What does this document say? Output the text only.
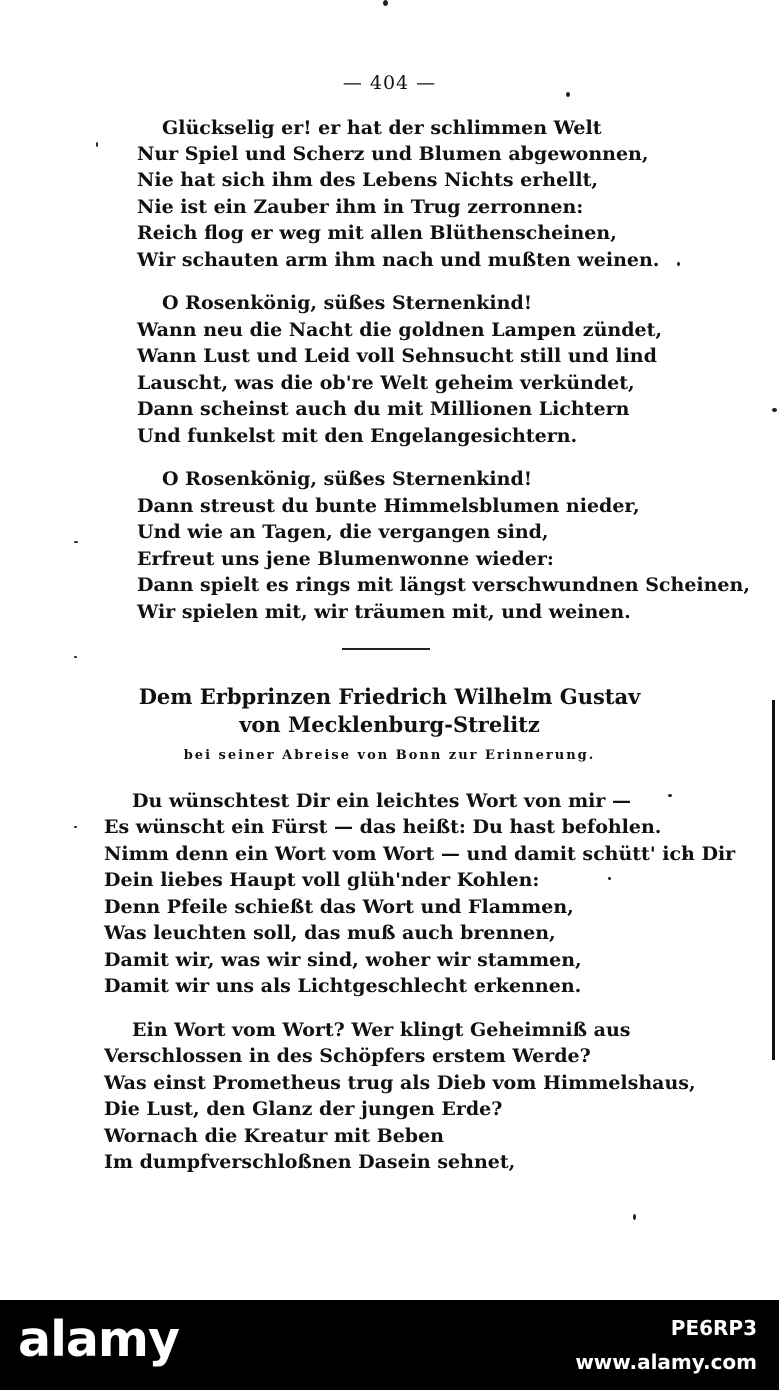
— 404 —
Glückselig er! er hat der schlimmen Welt
Nur Spiel und Scherz und Blumen abgewonnen,
Nie hat sich ihm des Lebens Nichts erhellt,
Nie ist ein Zauber ihm in Trug zerronnen:
Reich flog er weg mit allen Blüthenscheinen,
Wir schauten arm ihm nach und mußten weinen.
O Rosenkönig, süßes Sternenkind!
Wann neu die Nacht die goldnen Lampen zündet,
Wann Lust und Leid voll Sehnsucht still und lind
Lauscht, was die ob're Welt geheim verkündet,
Dann scheinst auch du mit Millionen Lichtern
Und funkelst mit den Engelangesichtern.
O Rosenkönig, süßes Sternenkind!
Dann streust du bunte Himmelsblumen nieder,
Und wie an Tagen, die vergangen sind,
Erfreut uns jene Blumenwonne wieder:
Dann spielt es rings mit längst verschwundnen Scheinen,
Wir spielen mit, wir träumen mit, und weinen.
Dem Erbprinzen Friedrich Wilhelm Gustav
von Mecklenburg-Strelitz
bei seiner Abreise von Bonn zur Erinnerung.
Du wünschtest Dir ein leichtes Wort von mir —
Es wünscht ein Fürst — das heißt: Du hast befohlen.
Nimm denn ein Wort vom Wort — und damit schütt' ich Dir
Dein liebes Haupt voll glüh'nder Kohlen:
Denn Pfeile schießt das Wort und Flammen,
Was leuchten soll, das muß auch brennen,
Damit wir, was wir sind, woher wir stammen,
Damit wir uns als Lichtgeschlecht erkennen.
Ein Wort vom Wort? Wer klingt Geheimniß aus
Verschlossen in des Schöpfers erstem Werde?
Was einst Prometheus trug als Dieb vom Himmelshaus,
Die Lust, den Glanz der jungen Erde?
Wornach die Kreatur mit Beben
Im dumpfverschloßnen Dasein sehnet,
alamy	PE6RP3
www.alamy.com
